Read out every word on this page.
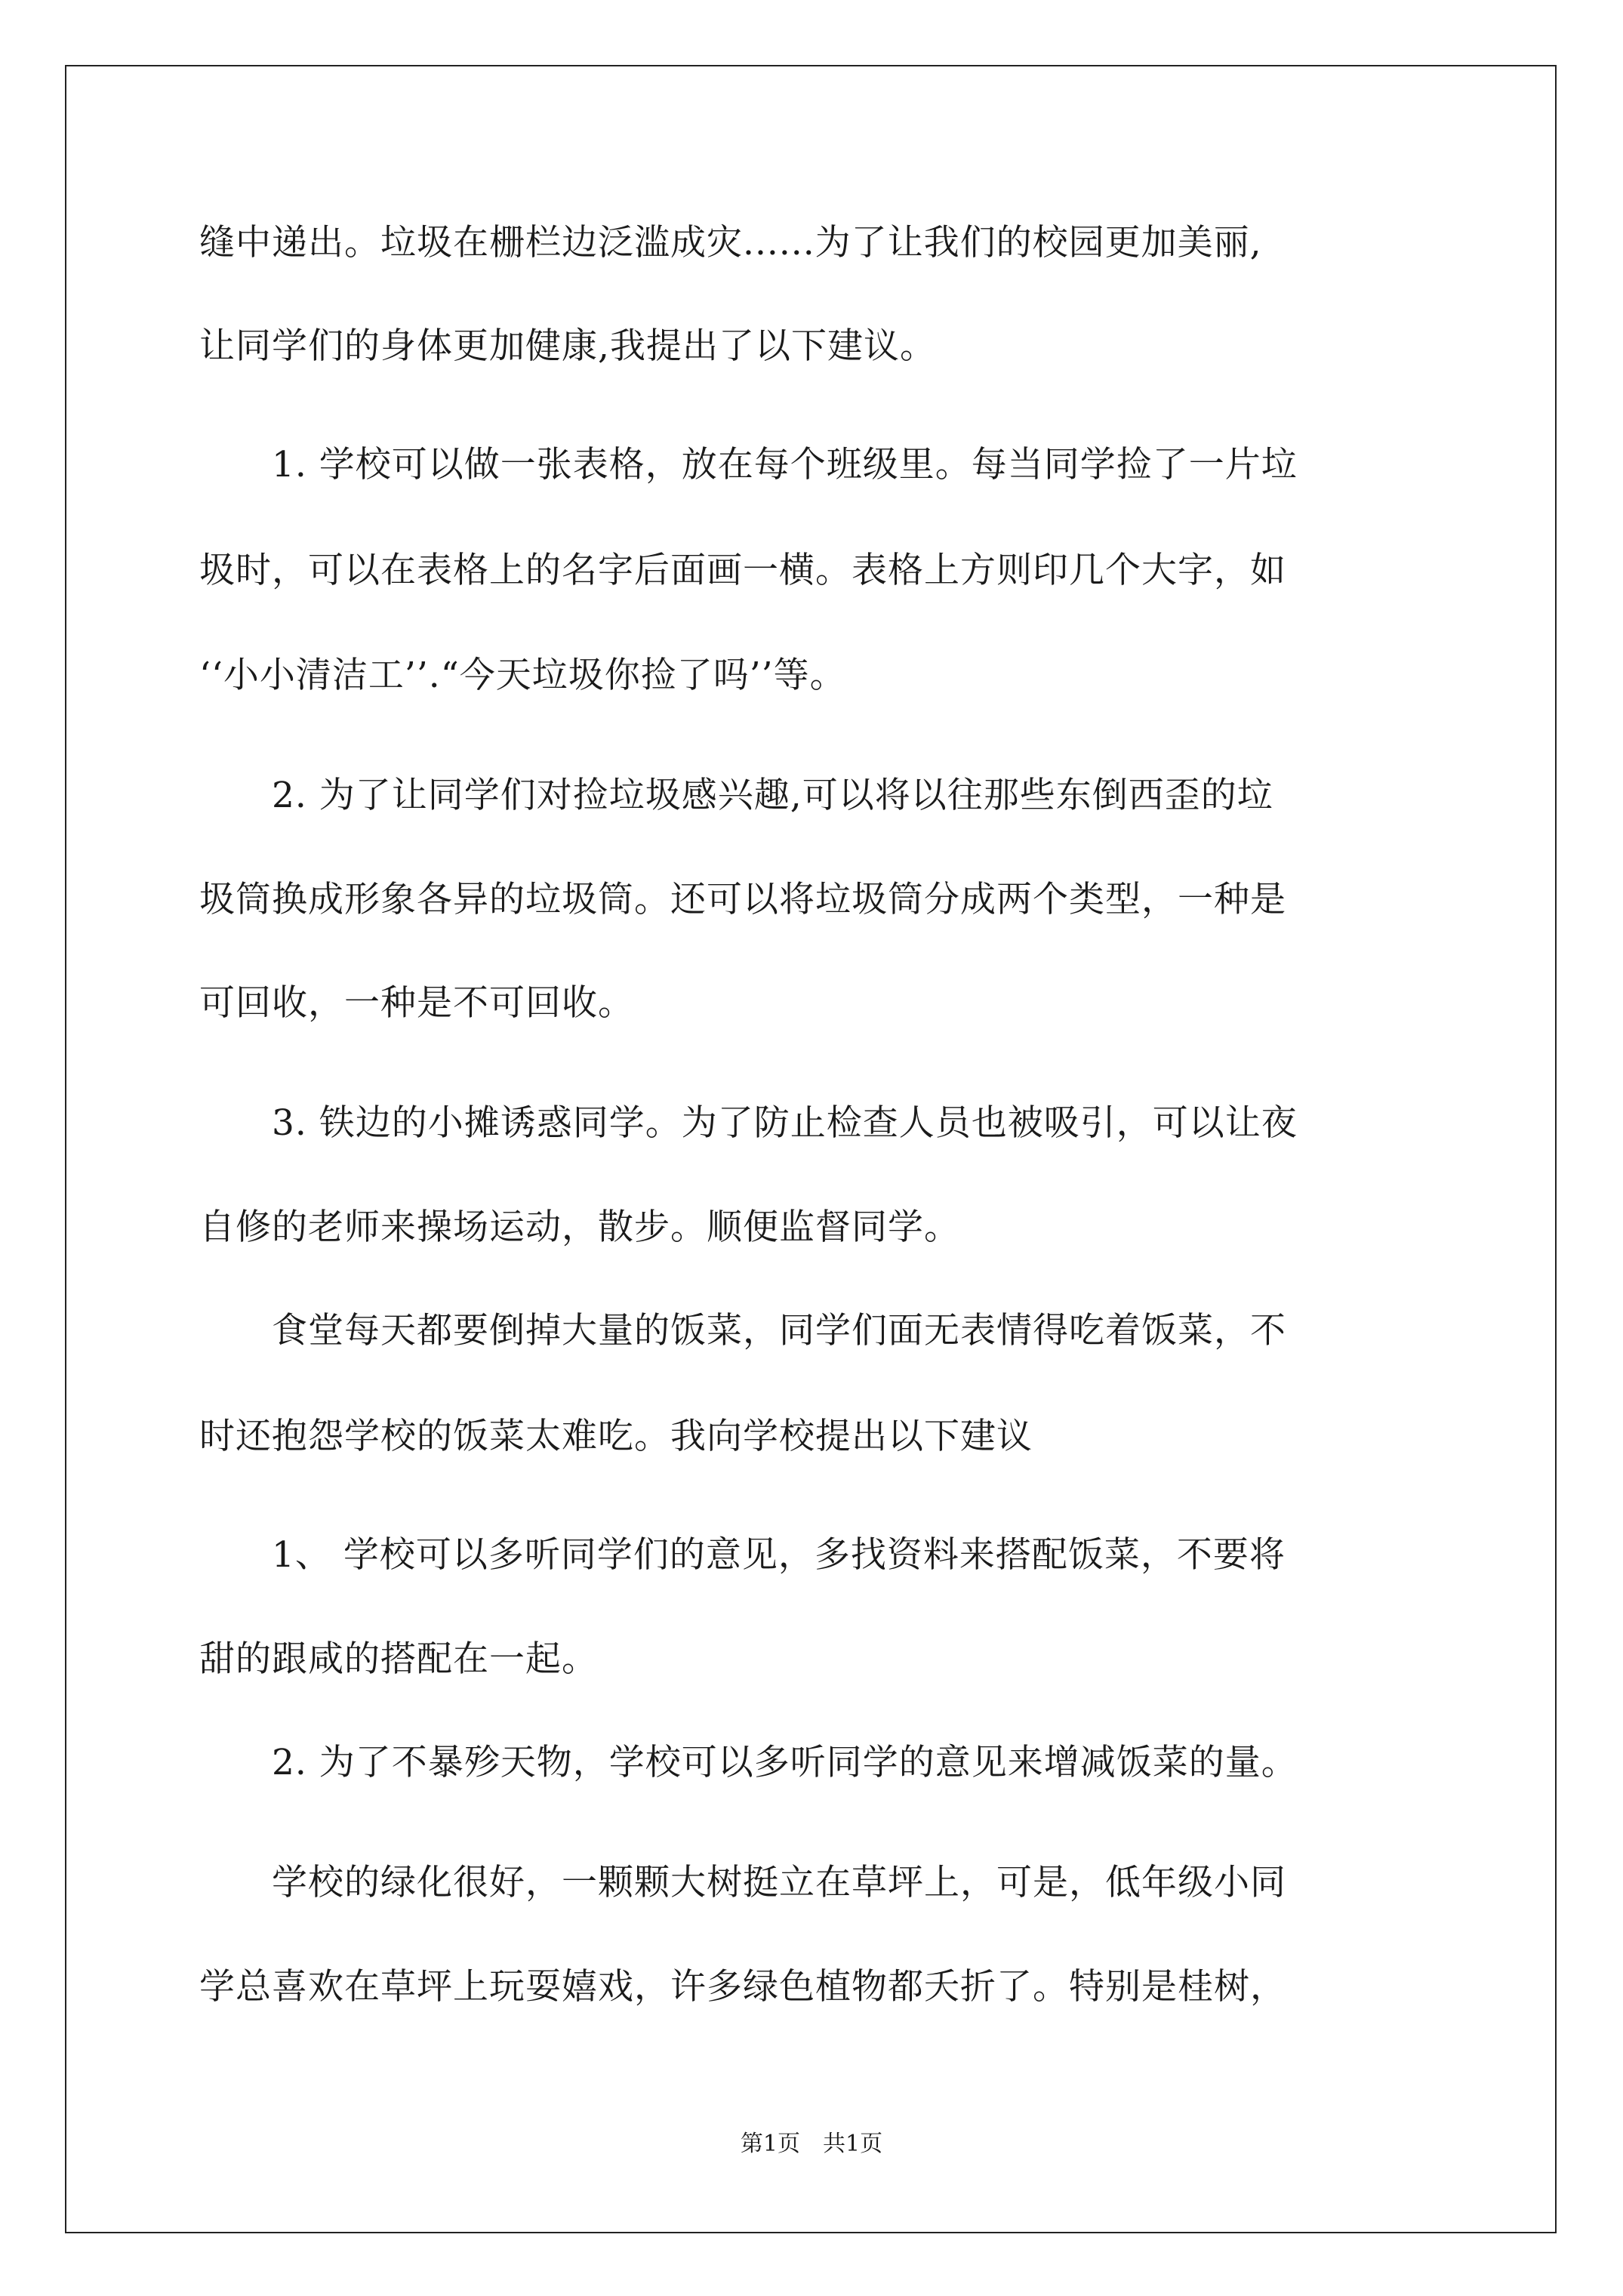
缝中递出。垃圾在栅栏边泛滥成灾......为了让我们的校园更加美丽,
让同学们的身体更加健康,我提出了以下建议。
　　1. 学校可以做一张表格，放在每个班级里。每当同学捡了一片垃
圾时，可以在表格上的名字后面画一横。表格上方则印几个大字，如
‘‘小小清洁工’’.“今天垃圾你捡了吗’’等。
　　2. 为了让同学们对捡垃圾感兴趣,可以将以往那些东倒西歪的垃
圾筒换成形象各异的垃圾筒。还可以将垃圾筒分成两个类型，一种是
可回收，一种是不可回收。
　　3. 铁边的小摊诱惑同学。为了防止检查人员也被吸引，可以让夜
自修的老师来操场运动，散步。顺便监督同学。
　　食堂每天都要倒掉大量的饭菜，同学们面无表情得吃着饭菜，不
时还抱怨学校的饭菜太难吃。我向学校提出以下建议
　　1、 学校可以多听同学们的意见，多找资料来搭配饭菜，不要将
甜的跟咸的搭配在一起。
　　2. 为了不暴殄天物，学校可以多听同学的意见来增减饭菜的量。
　　学校的绿化很好，一颗颗大树挺立在草坪上，可是，低年级小同
学总喜欢在草坪上玩耍嬉戏，许多绿色植物都夭折了。特别是桂树，
第1页　共1页
